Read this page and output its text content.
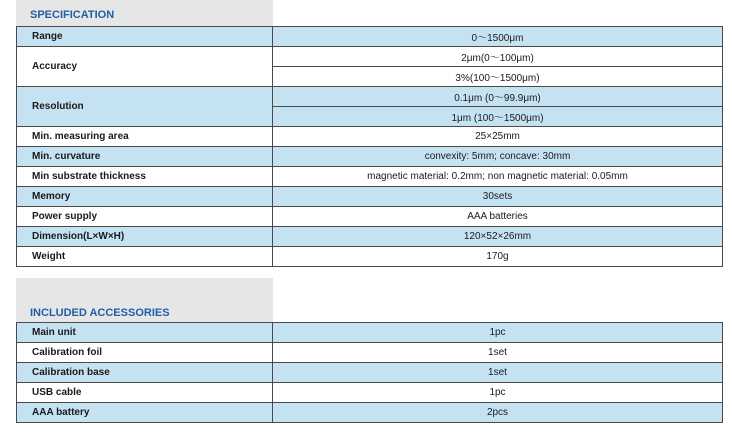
SPECIFICATION
Range	0～1500μm
Accuracy	2μm(0～100μm)
	3%(100～1500μm)
Resolution	0.1μm (0～99.9μm)
	1μm (100～1500μm)
Min. measuring area	25×25mm
Min. curvature	convexity: 5mm; concave: 30mm
Min substrate thickness	magnetic material: 0.2mm; non magnetic material: 0.05mm
Memory	30sets
Power supply	AAA batteries
Dimension(L×W×H)	120×52×26mm
Weight	170g
INCLUDED ACCESSORIES
Main unit	1pc
Calibration foil	1set
Calibration base	1set
USB cable	1pc
AAA battery	2pcs
